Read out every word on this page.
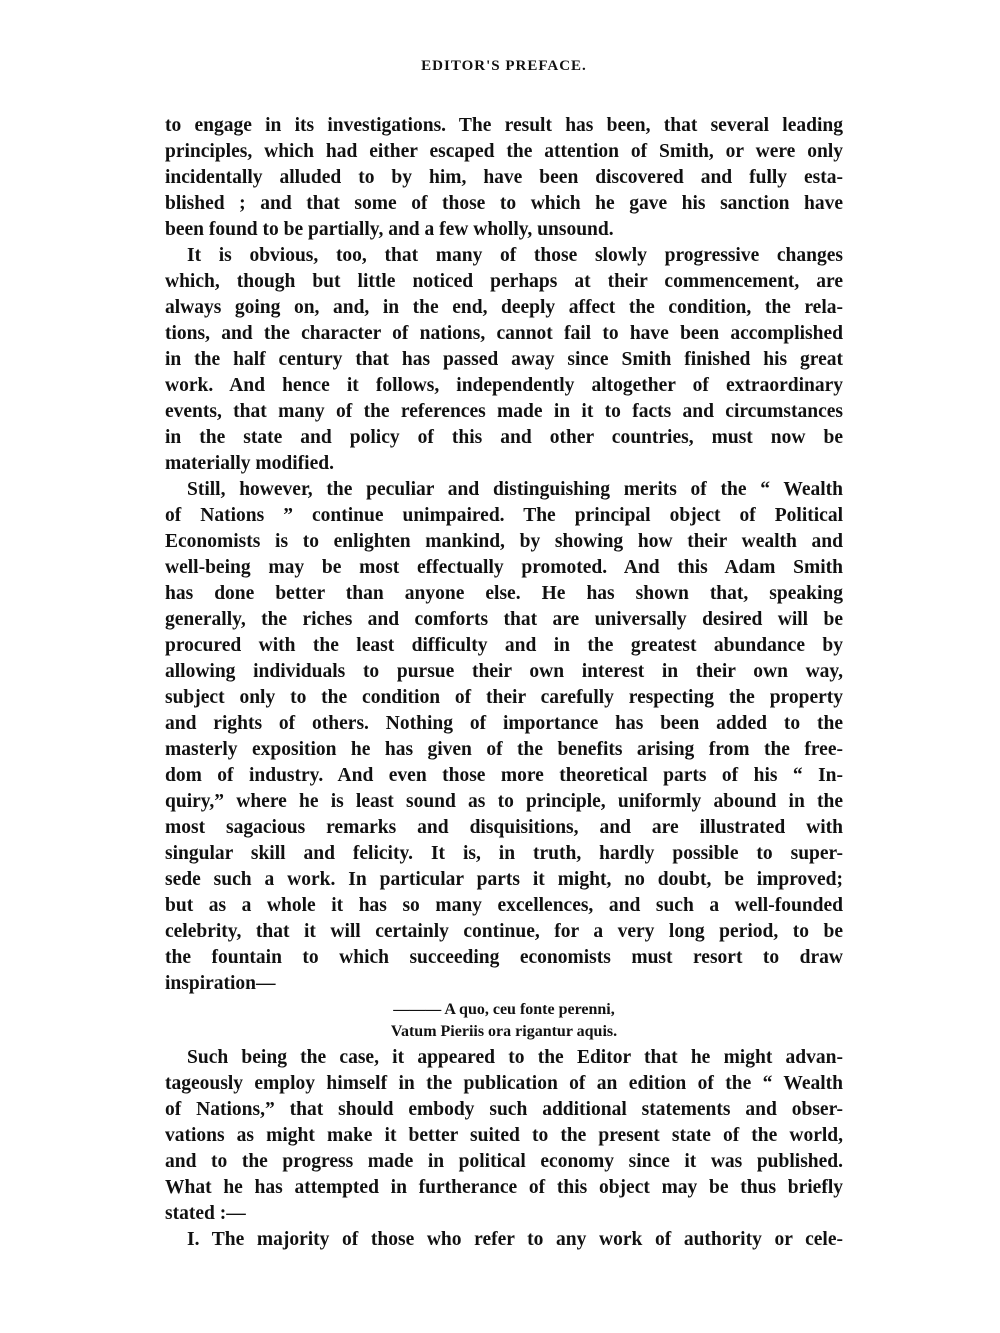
EDITOR'S PREFACE.
to engage in its investigations. The result has been, that several leading
principles, which had either escaped the attention of Smith, or were only
incidentally alluded to by him, have been discovered and fully esta-
blished ; and that some of those to which he gave his sanction have
been found to be partially, and a few wholly, unsound.
It is obvious, too, that many of those slowly progressive changes
which, though but little noticed perhaps at their commencement, are
always going on, and, in the end, deeply affect the condition, the rela-
tions, and the character of nations, cannot fail to have been accomplished
in the half century that has passed away since Smith finished his great
work. And hence it follows, independently altogether of extraordinary
events, that many of the references made in it to facts and circumstances
in the state and policy of this and other countries, must now be
materially modified.
Still, however, the peculiar and distinguishing merits of the “ Wealth
of Nations ” continue unimpaired. The principal object of Political
Economists is to enlighten mankind, by showing how their wealth and
well-being may be most effectually promoted. And this Adam Smith
has done better than anyone else. He has shown that, speaking
generally, the riches and comforts that are universally desired will be
procured with the least difficulty and in the greatest abundance by
allowing individuals to pursue their own interest in their own way,
subject only to the condition of their carefully respecting the property
and rights of others. Nothing of importance has been added to the
masterly exposition he has given of the benefits arising from the free-
dom of industry. And even those more theoretical parts of his “ In-
quiry,” where he is least sound as to principle, uniformly abound in the
most sagacious remarks and disquisitions, and are illustrated with
singular skill and felicity. It is, in truth, hardly possible to super-
sede such a work. In particular parts it might, no doubt, be improved;
but as a whole it has so many excellences, and such a well-founded
celebrity, that it will certainly continue, for a very long period, to be
the fountain to which succeeding economists must resort to draw
inspiration—
——— A quo, ceu fonte perenni,
Vatum Pieriis ora rigantur aquis.
Such being the case, it appeared to the Editor that he might advan-
tageously employ himself in the publication of an edition of the “ Wealth
of Nations,” that should embody such additional statements and obser-
vations as might make it better suited to the present state of the world,
and to the progress made in political economy since it was published.
What he has attempted in furtherance of this object may be thus briefly
stated :—
I. The majority of those who refer to any work of authority or cele-
